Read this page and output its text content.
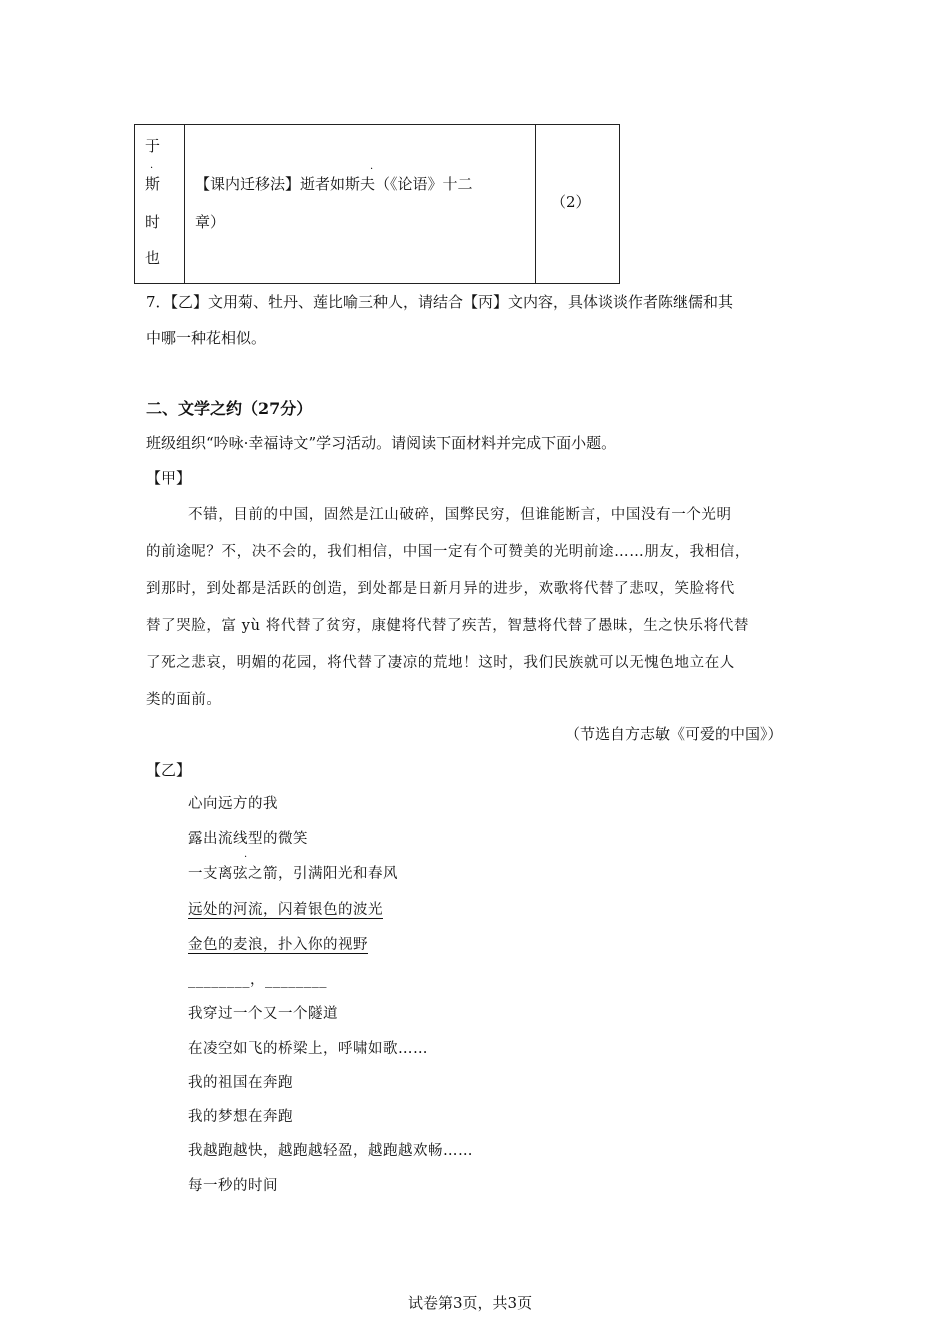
于
·
斯
时
也
【课内迁移法】逝者如斯夫（《论语》十二
·
章）
（2）
7．【乙】文用菊、牡丹、莲比喻三种人，请结合【丙】文内容，具体谈谈作者陈继儒和其
中哪一种花相似。
二、文学之约（27分）
班级组织“吟咏·幸福诗文”学习活动。请阅读下面材料并完成下面小题。
【甲】
不错，目前的中国，固然是江山破碎，国弊民穷，但谁能断言，中国没有一个光明
的前途呢？不，决不会的，我们相信，中国一定有个可赞美的光明前途……朋友，我相信，
到那时，到处都是活跃的创造，到处都是日新月异的进步，欢歌将代替了悲叹，笑脸将代
替了哭脸，富 yù 将代替了贫穷，康健将代替了疾苦，智慧将代替了愚昧，生之快乐将代替
了死之悲哀，明媚的花园，将代替了凄凉的荒地！这时，我们民族就可以无愧色地立在人
类的面前。
（节选自方志敏《可爱的中国》）
【乙】
心向远方的我
露出流线型的微笑
·
一支离弦之箭，引满阳光和春风
远处的河流，闪着银色的波光
金色的麦浪，扑入你的视野
________，________
我穿过一个又一个隧道
在凌空如飞的桥梁上，呼啸如歌……
我的祖国在奔跑
我的梦想在奔跑
我越跑越快，越跑越轻盈，越跑越欢畅……
每一秒的时间
试卷第3页，共3页
